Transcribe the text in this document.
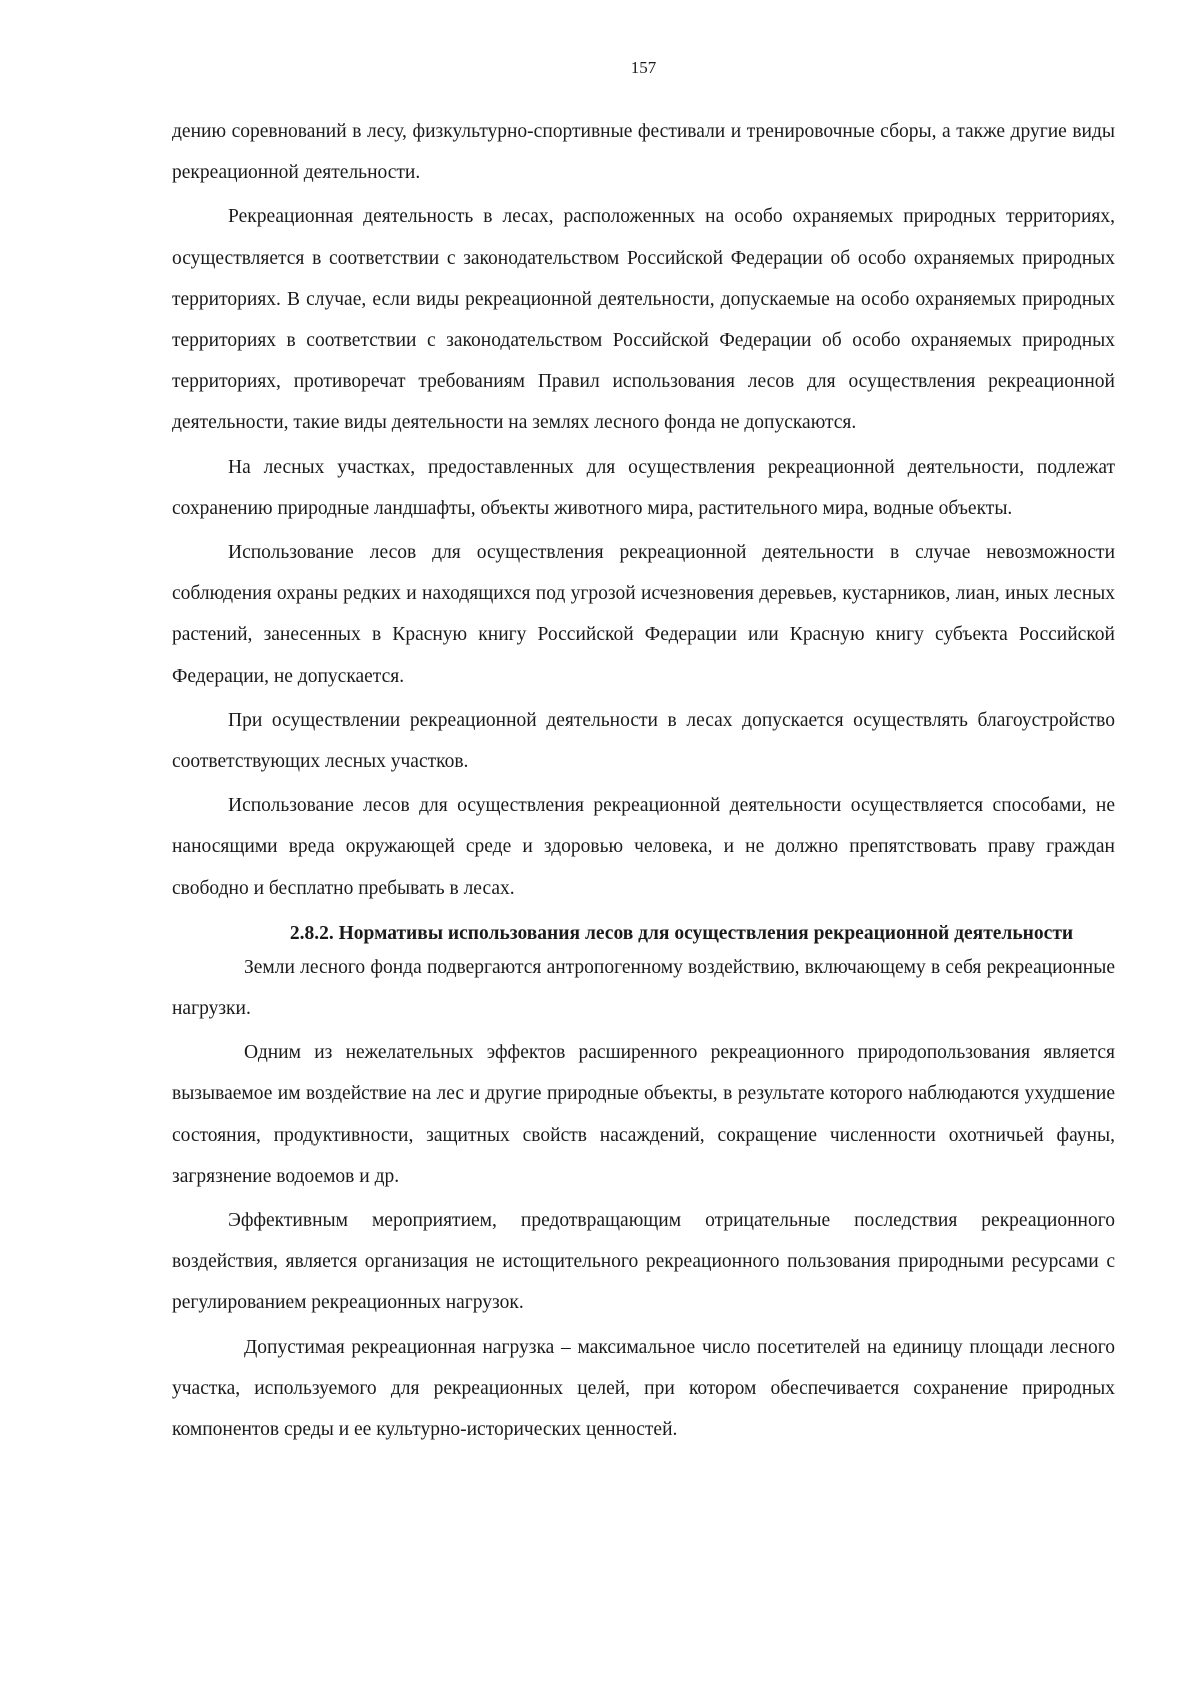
157

дению соревнований в лесу, физкультурно-спортивные фестивали и тренировочные сборы, а также другие виды рекреационной деятельности.

Рекреационная деятельность в лесах, расположенных на особо охраняемых природных территориях, осуществляется в соответствии с законодательством Российской Федерации об особо охраняемых природных территориях. В случае, если виды рекреационной деятельности, допускаемые на особо охраняемых природных территориях в соответствии с законодательством Российской Федерации об особо охраняемых природных территориях, противоречат требованиям Правил использования лесов для осуществления рекреационной деятельности, такие виды деятельности на землях лесного фонда не допускаются.

На лесных участках, предоставленных для осуществления рекреационной деятельности, подлежат сохранению природные ландшафты, объекты животного мира, растительного мира, водные объекты.

Использование лесов для осуществления рекреационной деятельности в случае невозможности соблюдения охраны редких и находящихся под угрозой исчезновения деревьев, кустарников, лиан, иных лесных растений, занесенных в Красную книгу Российской Федерации или Красную книгу субъекта Российской Федерации, не допускается.

При осуществлении рекреационной деятельности в лесах допускается осуществлять благоустройство соответствующих лесных участков.

Использование лесов для осуществления рекреационной деятельности осуществляется способами, не наносящими вреда окружающей среде и здоровью человека, и не должно препятствовать праву граждан свободно и бесплатно пребывать в лесах.

2.8.2. Нормативы использования лесов для осуществления рекреационной деятельности

Земли лесного фонда подвергаются антропогенному воздействию, включающему в себя рекреационные нагрузки.

Одним из нежелательных эффектов расширенного рекреационного природопользования является вызываемое им воздействие на лес и другие природные объекты, в результате которого наблюдаются ухудшение состояния, продуктивности, защитных свойств насаждений, сокращение численности охотничьей фауны, загрязнение водоемов и др.

Эффективным мероприятием, предотвращающим отрицательные последствия рекреационного воздействия, является организация не истощительного рекреационного пользования природными ресурсами с регулированием рекреационных нагрузок.

Допустимая рекреационная нагрузка – максимальное число посетителей на единицу площади лесного участка, используемого для рекреационных целей, при котором обеспечивается сохранение природных компонентов среды и ее культурно-исторических ценностей.
